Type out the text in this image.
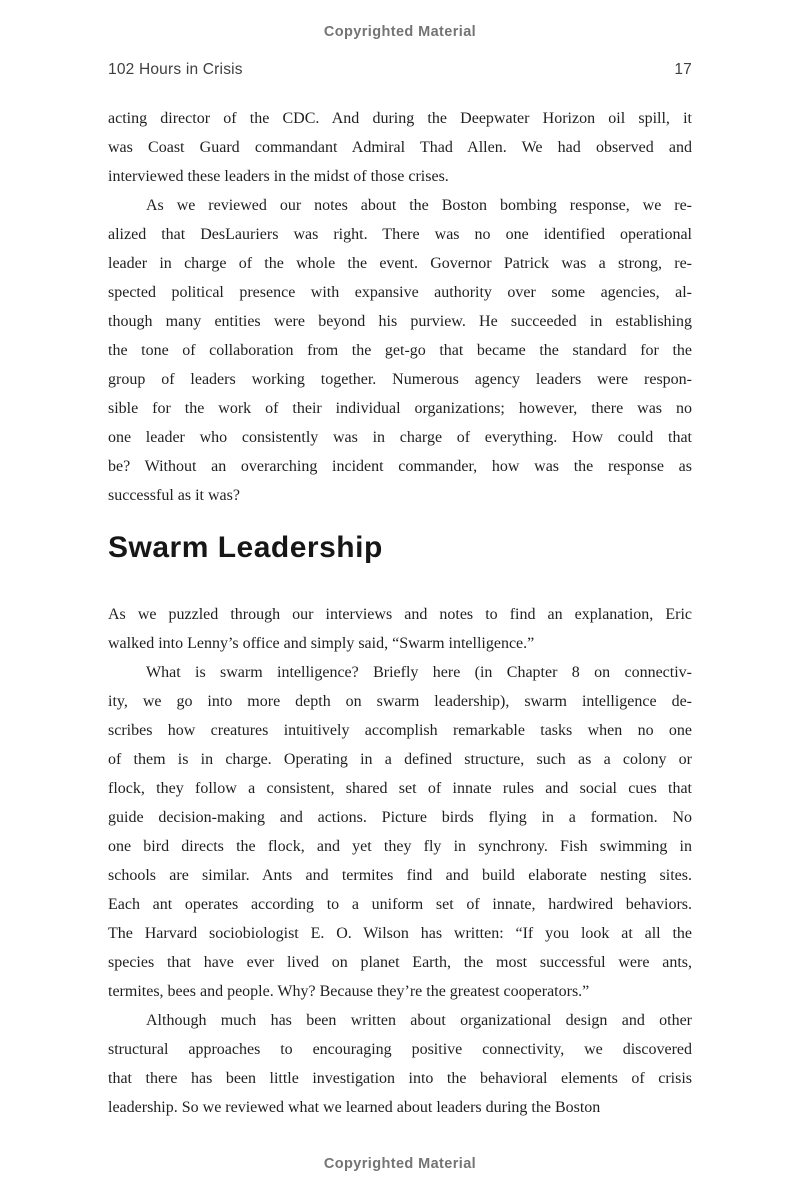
Copyrighted Material
102 Hours in Crisis	17
acting director of the CDC. And during the Deepwater Horizon oil spill, it
was Coast Guard commandant Admiral Thad Allen. We had observed and
interviewed these leaders in the midst of those crises.
As we reviewed our notes about the Boston bombing response, we re-
alized that DesLauriers was right. There was no one identified operational
leader in charge of the whole the event. Governor Patrick was a strong, re-
spected political presence with expansive authority over some agencies, al-
though many entities were beyond his purview. He succeeded in establishing
the tone of collaboration from the get-go that became the standard for the
group of leaders working together. Numerous agency leaders were respon-
sible for the work of their individual organizations; however, there was no
one leader who consistently was in charge of everything. How could that
be? Without an overarching incident commander, how was the response as
successful as it was?
Swarm Leadership
As we puzzled through our interviews and notes to find an explanation, Eric
walked into Lenny’s office and simply said, “Swarm intelligence.”
What is swarm intelligence? Briefly here (in Chapter 8 on connectiv-
ity, we go into more depth on swarm leadership), swarm intelligence de-
scribes how creatures intuitively accomplish remarkable tasks when no one
of them is in charge. Operating in a defined structure, such as a colony or
flock, they follow a consistent, shared set of innate rules and social cues that
guide decision-making and actions. Picture birds flying in a formation. No
one bird directs the flock, and yet they fly in synchrony. Fish swimming in
schools are similar. Ants and termites find and build elaborate nesting sites.
Each ant operates according to a uniform set of innate, hardwired behaviors.
The Harvard sociobiologist E. O. Wilson has written: “If you look at all the
species that have ever lived on planet Earth, the most successful were ants,
termites, bees and people. Why? Because they’re the greatest cooperators.”
Although much has been written about organizational design and other
structural approaches to encouraging positive connectivity, we discovered
that there has been little investigation into the behavioral elements of crisis
leadership. So we reviewed what we learned about leaders during the Boston
Copyrighted Material
